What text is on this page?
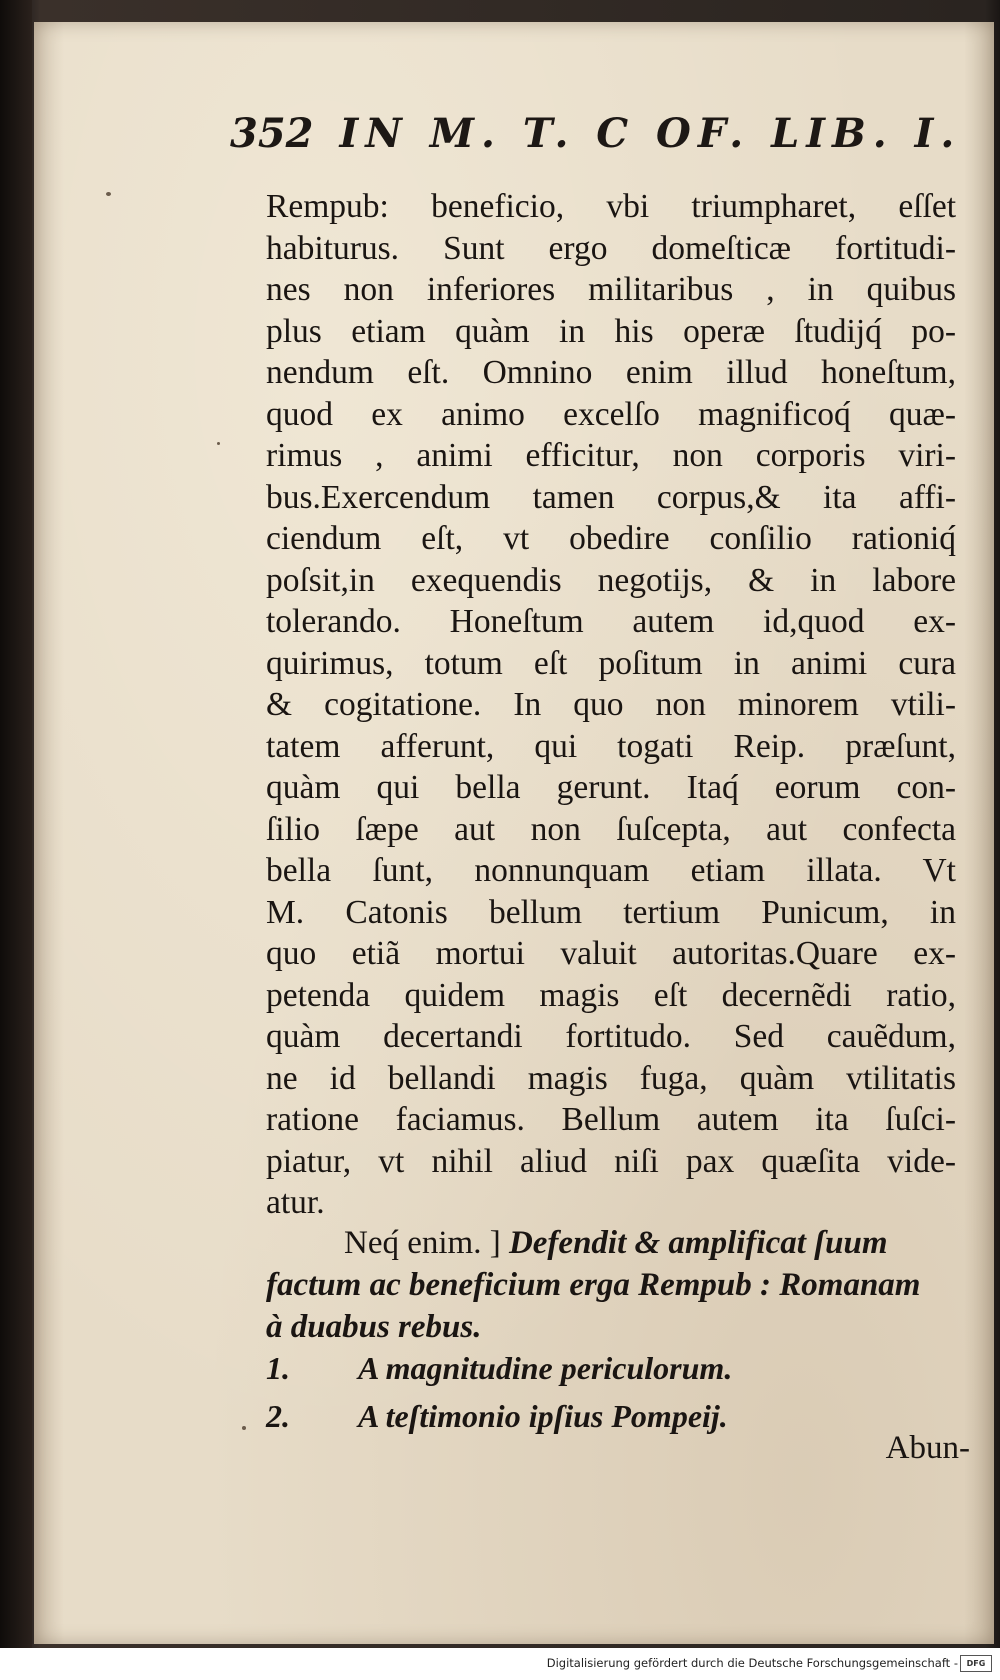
352 IN M. T. C OF. LIB. I.
Rempub: beneficio, vbi triumpharet, eſſet
habiturus. Sunt ergo domeſticæ fortitudi-
nes non inferiores militaribus , in quibus
plus etiam quàm in his operæ ſtudijq́ po-
nendum eſt. Omnino enim illud honeſtum,
quod ex animo excelſo magnificoq́ quæ-
rimus , animi efficitur, non corporis viri-
bus.Exercendum tamen corpus,& ita affi-
ciendum eſt, vt obedire conſilio rationiq́
poſsit,in exequendis negotijs, & in labore
tolerando. Honeſtum autem id,quod ex-
quirimus, totum eſt poſitum in animi cura
& cogitatione. In quo non minorem vtili-
tatem afferunt, qui togati Reip. præſunt,
quàm qui bella gerunt. Itaq́ eorum con-
ſilio ſæpe aut non ſuſcepta, aut confecta
bella ſunt, nonnunquam etiam illata. Vt
M. Catonis bellum tertium Punicum, in
quo etiã mortui valuit autoritas.Quare ex-
petenda quidem magis eſt decernẽdi ratio,
quàm decertandi fortitudo. Sed cauẽdum,
ne id bellandi magis fuga, quàm vtilitatis
ratione faciamus. Bellum autem ita ſuſci-
piatur, vt nihil aliud niſi pax quæſita vide-
atur.
Neq́ enim. ] Defendit & amplificat ſuum
factum ac beneficium erga Rempub : Romanam
à duabus rebus.
1. A magnitudine periculorum.
2. A teſtimonio ipſius Pompeij.
Abun-
Digitalisierung gefördert durch die Deutsche Forschungsgemeinschaft -	DFG
